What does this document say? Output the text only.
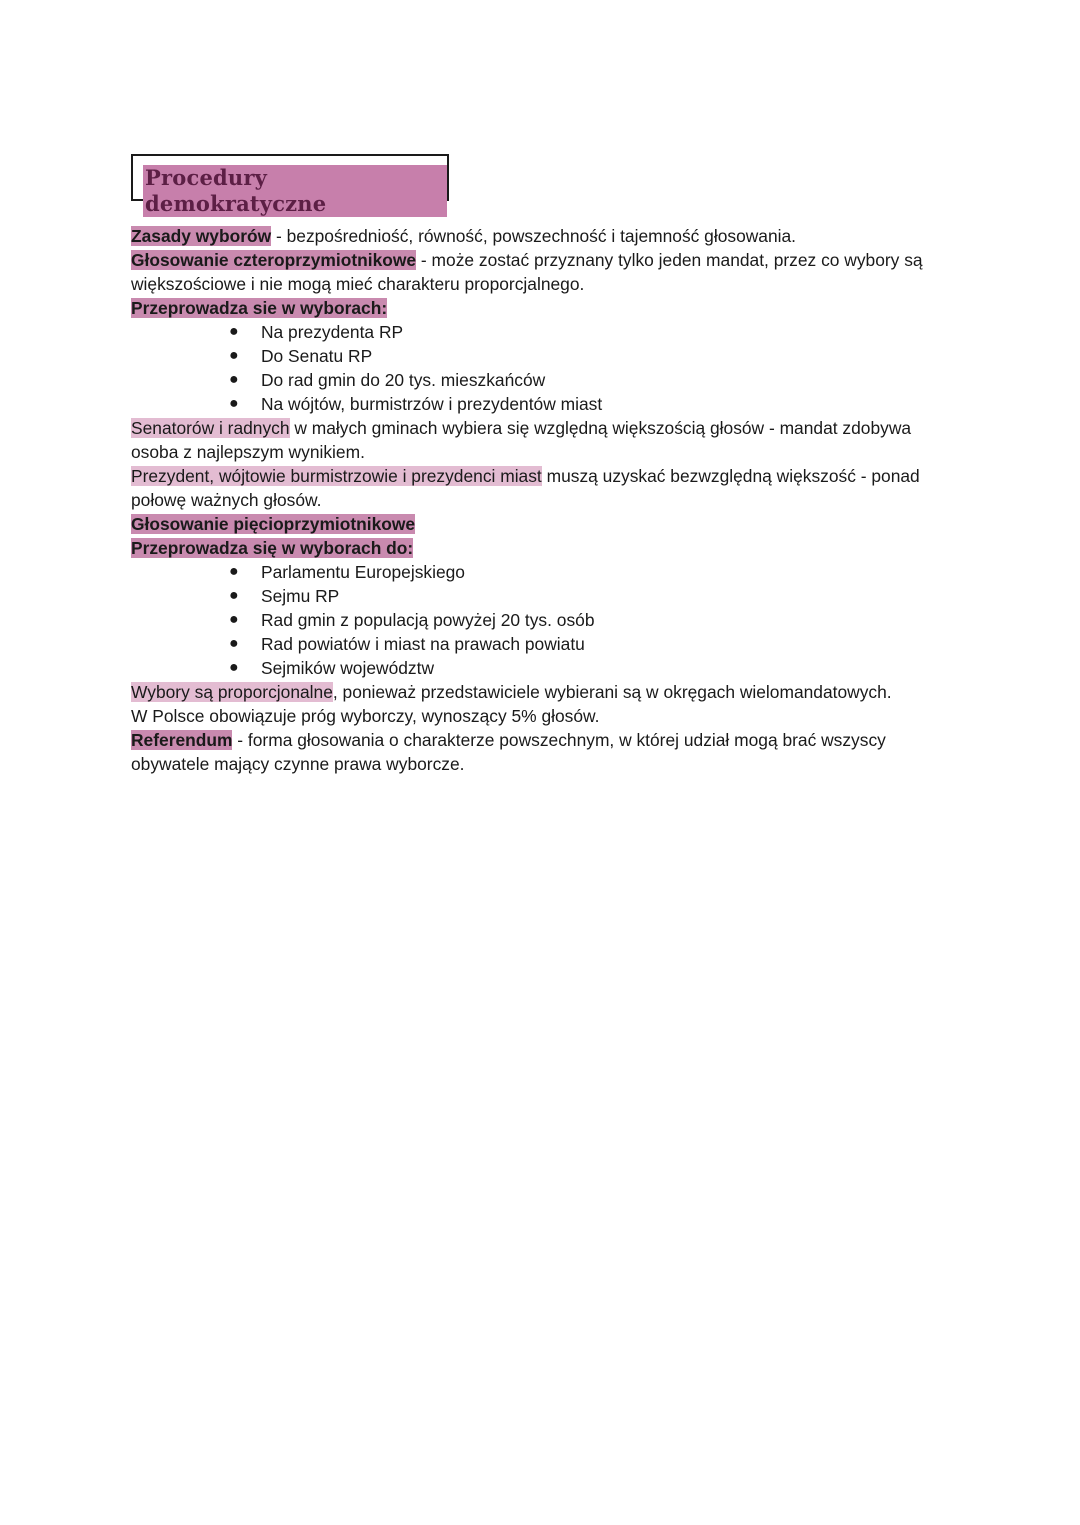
Procedury demokratyczne

Zasady wyborów - bezpośredniość, równość, powszechność i tajemność głosowania.

Głosowanie czteroprzymiotnikowe - może zostać przyznany tylko jeden mandat, przez co wybory są większościowe i nie mogą mieć charakteru proporcjalnego.

Przeprowadza sie w wyborach:

● Na prezydenta RP
● Do Senatu RP
● Do rad gmin do 20 tys. mieszkańców
● Na wójtów, burmistrzów i prezydentów miast

Senatorów i radnych w małych gminach wybiera się względną większością głosów - mandat zdobywa osoba z najlepszym wynikiem.

Prezydent, wójtowie burmistrzowie i prezydenci miast muszą uzyskać bezwzględną większość - ponad połowę ważnych głosów.

Głosowanie pięcioprzymiotnikowe

Przeprowadza się w wyborach do:

● Parlamentu Europejskiego
● Sejmu RP
● Rad gmin z populacją powyżej 20 tys. osób
● Rad powiatów i miast na prawach powiatu
● Sejmików województw

Wybory są proporcjonalne, ponieważ przedstawiciele wybierani są w okręgach wielomandatowych.

W Polsce obowiązuje próg wyborczy, wynoszący 5% głosów.

Referendum - forma głosowania o charakterze powszechnym, w której udział mogą brać wszyscy obywatele mający czynne prawa wyborcze.
